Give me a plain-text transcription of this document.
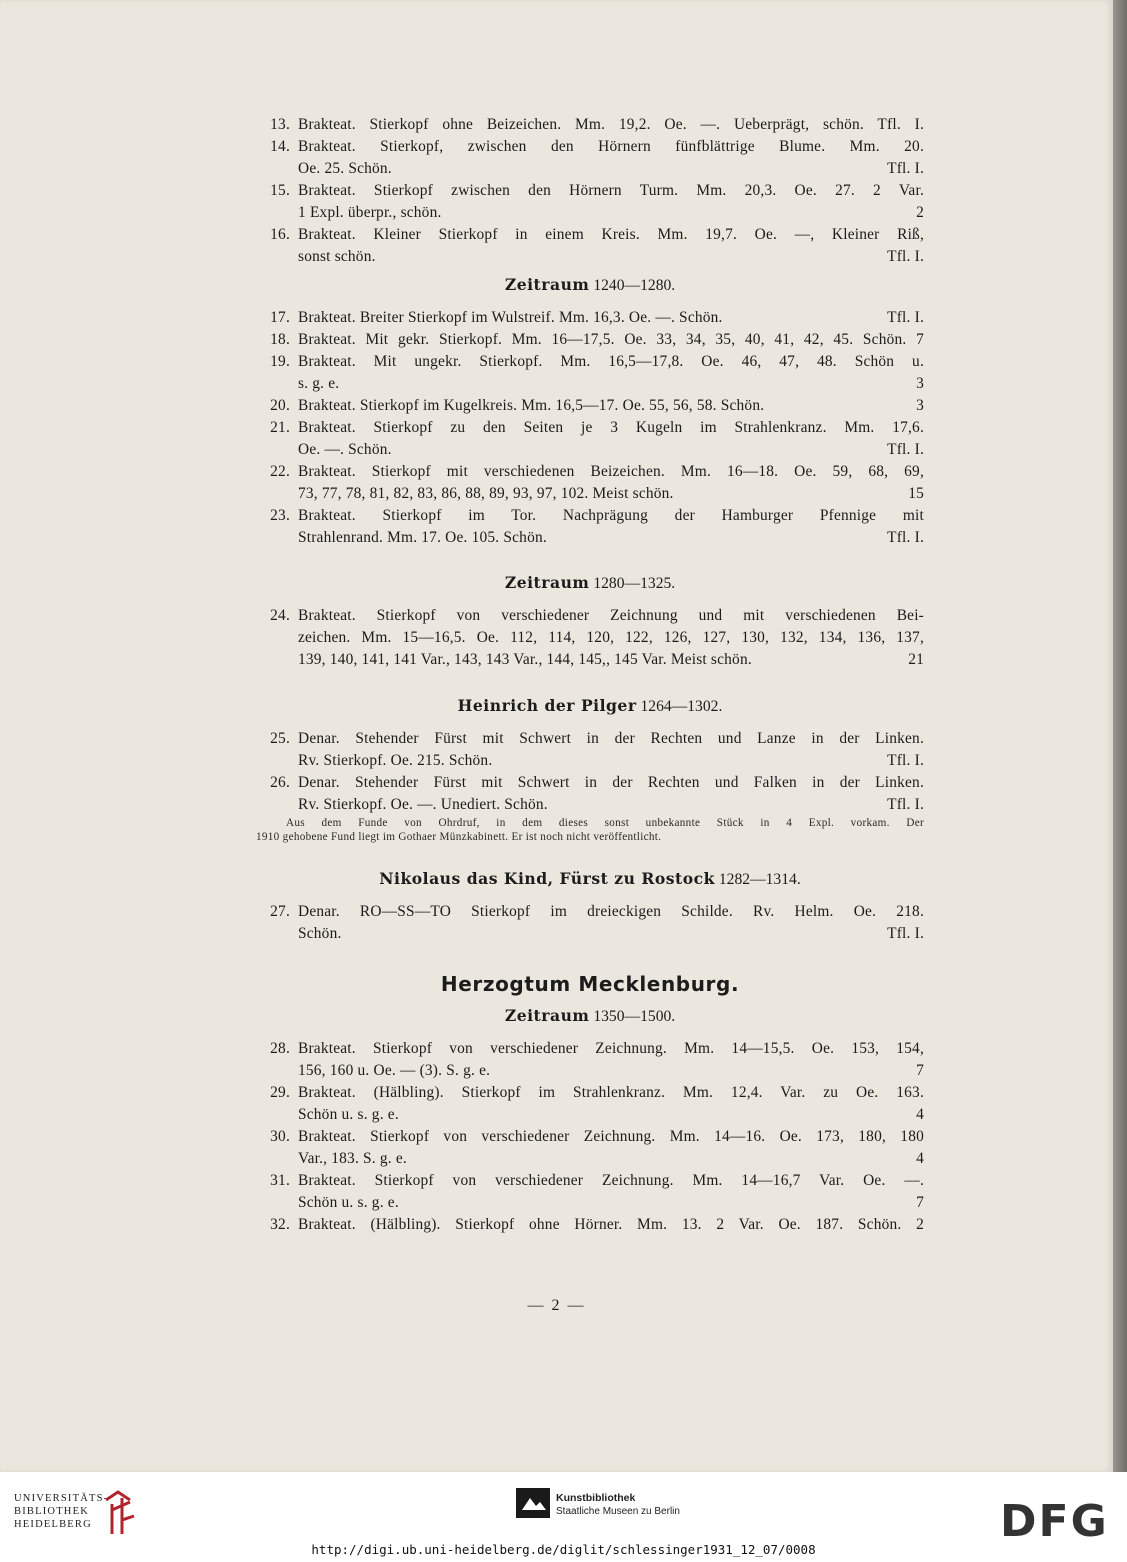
13. Brakteat. Stierkopf ohne Beizeichen. Mm. 19,2. Oe. —. Ueberprägt, schön. Tfl. I.
14. Brakteat. Stierkopf, zwischen den Hörnern fünfblättrige Blume. Mm. 20.
Oe. 25. Schön.	Tfl. I.
15. Brakteat. Stierkopf zwischen den Hörnern Turm. Mm. 20,3. Oe. 27. 2 Var.
1 Expl. überpr., schön.	2
16. Brakteat. Kleiner Stierkopf in einem Kreis. Mm. 19,7. Oe. —, Kleiner Riß,
sonst schön.	Tfl. I.
Zeitraum 1240—1280.
17. Brakteat. Breiter Stierkopf im Wulstreif. Mm. 16,3. Oe. —. Schön.	Tfl. I.
18. Brakteat. Mit gekr. Stierkopf. Mm. 16—17,5. Oe. 33, 34, 35, 40, 41, 42, 45. Schön. 7
19. Brakteat. Mit ungekr. Stierkopf. Mm. 16,5—17,8. Oe. 46, 47, 48. Schön u.
s. g. e.	3
20. Brakteat. Stierkopf im Kugelkreis. Mm. 16,5—17. Oe. 55, 56, 58. Schön.	3
21. Brakteat. Stierkopf zu den Seiten je 3 Kugeln im Strahlenkranz. Mm. 17,6.
Oe. —. Schön.	Tfl. I.
22. Brakteat. Stierkopf mit verschiedenen Beizeichen. Mm. 16—18. Oe. 59, 68, 69,
73, 77, 78, 81, 82, 83, 86, 88, 89, 93, 97, 102. Meist schön.	15
23. Brakteat. Stierkopf im Tor. Nachprägung der Hamburger Pfennige mit
Strahlenrand. Mm. 17. Oe. 105. Schön.	Tfl. I.
Zeitraum 1280—1325.
24. Brakteat. Stierkopf von verschiedener Zeichnung und mit verschiedenen Bei-
zeichen. Mm. 15—16,5. Oe. 112, 114, 120, 122, 126, 127, 130, 132, 134, 136, 137,
139, 140, 141, 141 Var., 143, 143 Var., 144, 145,, 145 Var. Meist schön.	21
Heinrich der Pilger 1264—1302.
25. Denar. Stehender Fürst mit Schwert in der Rechten und Lanze in der Linken.
Rv. Stierkopf. Oe. 215. Schön.	Tfl. I.
26. Denar. Stehender Fürst mit Schwert in der Rechten und Falken in der Linken.
Rv. Stierkopf. Oe. —. Unediert. Schön.	Tfl. I.
Aus dem Funde von Ohrdruf, in dem dieses sonst unbekannte Stück in 4 Expl. vorkam. Der
1910 gehobene Fund liegt im Gothaer Münzkabinett. Er ist noch nicht veröffentlicht.
Nikolaus das Kind, Fürst zu Rostock 1282—1314.
27. Denar. RO—SS—TO Stierkopf im dreieckigen Schilde. Rv. Helm. Oe. 218.
Schön.	Tfl. I.
Herzogtum Mecklenburg.
Zeitraum 1350—1500.
28. Brakteat. Stierkopf von verschiedener Zeichnung. Mm. 14—15,5. Oe. 153, 154,
156, 160 u. Oe. — (3). S. g. e.	7
29. Brakteat. (Hälbling). Stierkopf im Strahlenkranz. Mm. 12,4. Var. zu Oe. 163.
Schön u. s. g. e.	4
30. Brakteat. Stierkopf von verschiedener Zeichnung. Mm. 14—16. Oe. 173, 180, 180
Var., 183. S. g. e.	4
31. Brakteat. Stierkopf von verschiedener Zeichnung. Mm. 14—16,7 Var. Oe. —.
Schön u. s. g. e.	7
32. Brakteat. (Hälbling). Stierkopf ohne Hörner. Mm. 13. 2 Var. Oe. 187. Schön. 2
— 2 —
UNIVERSITÄTS-
BIBLIOTHEK
HEIDELBERG
Kunstbibliothek
Staatliche Museen zu Berlin	DFG
http://digi.ub.uni-heidelberg.de/diglit/schlessinger1931_12_07/0008
